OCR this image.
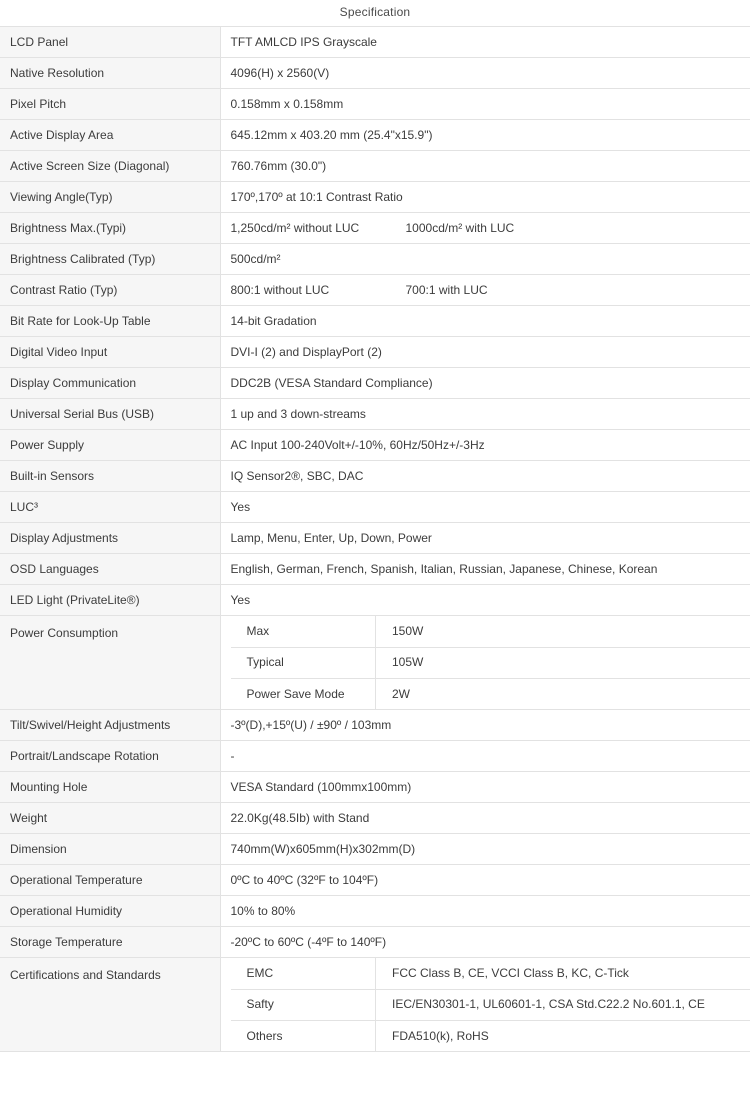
Specification
LCD Panel	TFT AMLCD IPS Grayscale
Native Resolution	4096(H) x 2560(V)
Pixel Pitch	0.158mm x 0.158mm
Active Display Area	645.12mm x 403.20 mm (25.4"x15.9")
Active Screen Size (Diagonal)	760.76mm (30.0")
Viewing Angle(Typ)	170º,170º at 10:1 Contrast Ratio
Brightness Max.(Typi)	1,250cd/m² without LUC	1000cd/m² with LUC

Brightness Calibrated (Typ)	500cd/m²
Contrast Ratio (Typ)	800:1 without LUC	700:1 with LUC

Bit Rate for Look-Up Table	14-bit Gradation
Digital Video Input	DVI-I (2) and DisplayPort (2)
Display Communication	DDC2B (VESA Standard Compliance)
Universal Serial Bus (USB)	1 up and 3 down-streams
Power Supply	AC Input 100-240Volt+/-10%, 60Hz/50Hz+/-3Hz
Built-in Sensors	IQ Sensor2®, SBC, DAC
LUC³	Yes
Display Adjustments	Lamp, Menu, Enter, Up, Down, Power
OSD Languages	English, German, French, Spanish, Italian, Russian, Japanese, Chinese, Korean
LED Light (PrivateLite®)	Yes
Power Consumption		Max	150W
Typical	105W
Power Save Mode	2W

Tilt/Swivel/Height Adjustments	-3º(D),+15º(U) / ±90º / 103mm
Portrait/Landscape Rotation	-
Mounting Hole	VESA Standard (100mmx100mm)
Weight	22.0Kg(48.5Ib) with Stand
Dimension	740mm(W)x605mm(H)x302mm(D)
Operational Temperature	0ºC to 40ºC (32ºF to 104ºF)
Operational Humidity	10% to 80%
Storage Temperature	-20ºC to 60ºC (-4ºF to 140ºF)
Certifications and Standards		EMC	FCC Class B, CE, VCCI Class B, KC, C-Tick
Safty	IEC/EN30301-1, UL60601-1, CSA Std.C22.2 No.601.1, CE
Others	FDA510(k), RoHS
